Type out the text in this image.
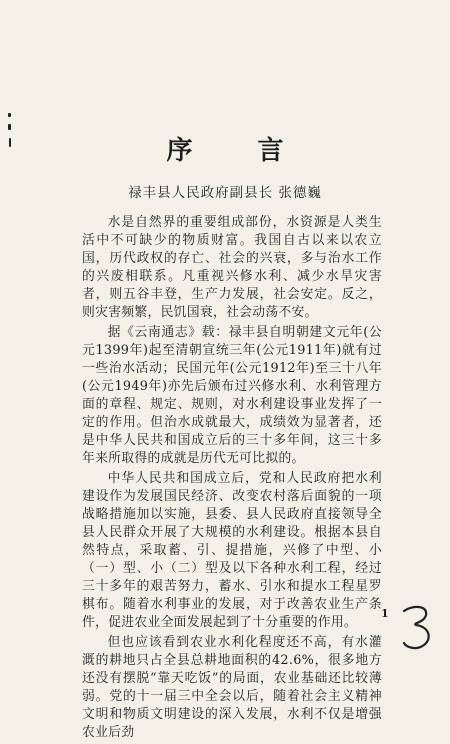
序 言
禄丰县人民政府副县长 张德巍

水是自然界的重要组成部份，水资源是人类生活中不可缺少的物质财富。我国自古以来以农立国，历代政权的存亡、社会的兴衰，多与治水工作的兴废相联系。凡重视兴修水利、减少水旱灾害者，则五谷丰登，生产力发展，社会安定。反之，则灾害频繁，民饥国衰，社会动荡不安。

据《云南通志》载：禄丰县自明朝建文元年(公元1399年)起至清朝宣统三年(公元1911年)就有过一些治水活动；民国元年(公元1912年)至三十八年(公元1949年)亦先后颁布过兴修水利、水利管理方面的章程、规定、规则，对水利建设事业发挥了一定的作用。但治水成就最大，成绩效为显著者，还是中华人民共和国成立后的三十多年间，这三十多年来所取得的成就是历代无可比拟的。

中华人民共和国成立后，党和人民政府把水利建设作为发展国民经济、改变农村落后面貌的一项战略措施加以实施，县委、县人民政府直接领导全县人民群众开展了大规模的水利建设。根据本县自然特点，采取蓄、引、提措施，兴修了中型、小（一）型、小（二）型及以下各种水利工程，经过三十多年的艰苦努力，蓄水、引水和提水工程星罗棋布。随着水利事业的发展，对于改善农业生产条件，促进农业全面发展起到了十分重要的作用。

但也应该看到农业水利化程度还不高，有水灌溉的耕地只占全县总耕地面积的42.6%，很多地方还没有摆脱“靠天吃饭”的局面，农业基础还比较薄弱。党的十一届三中全会以后，随着社会主义精神文明和物质文明建设的深入发展，水利不仅是增强农业后劲

1
